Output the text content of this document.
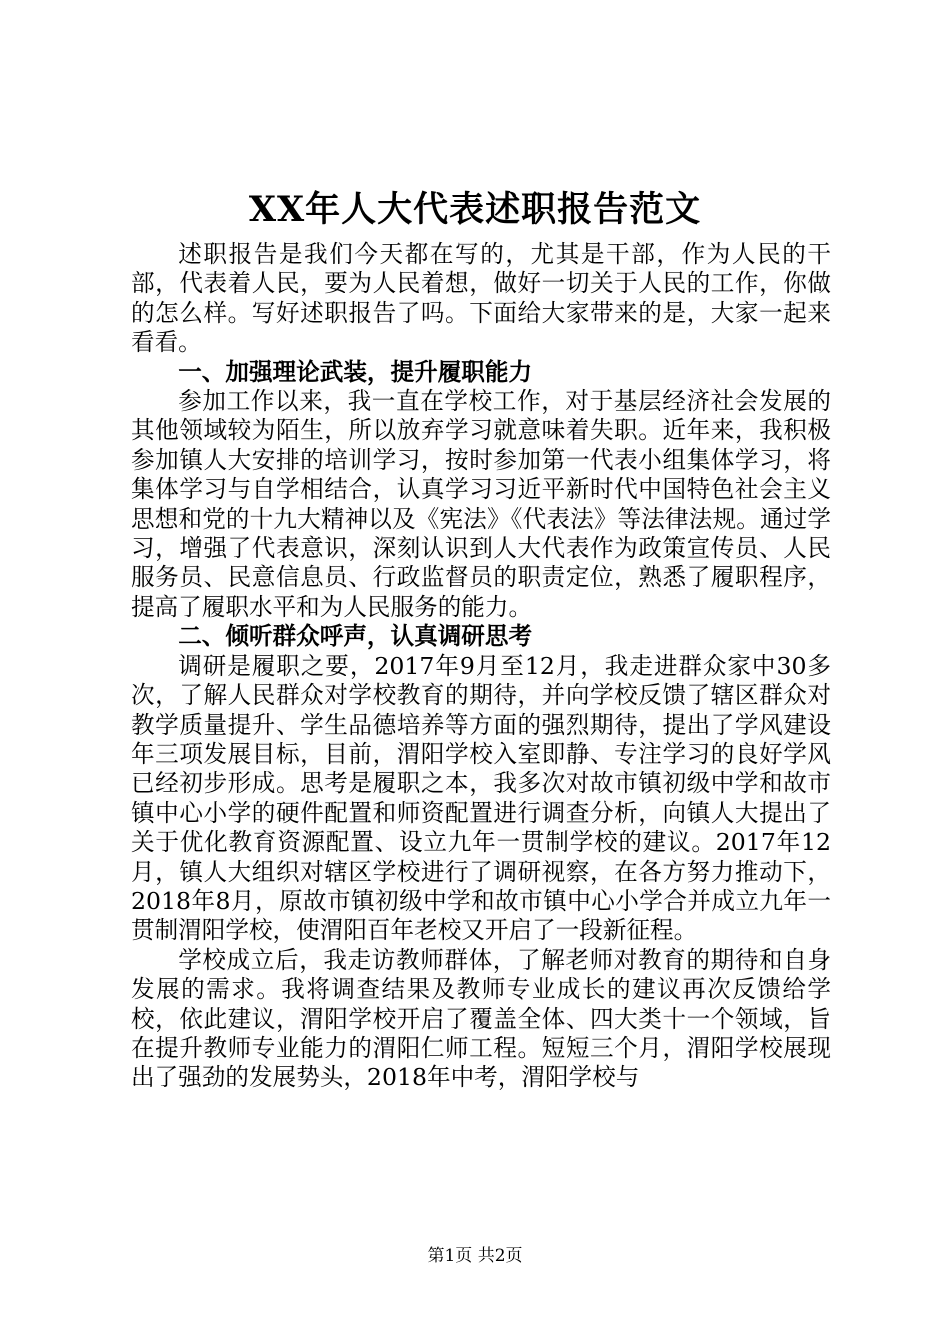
XX年人大代表述职报告范文

述职报告是我们今天都在写的，尤其是干部，作为人民的干部，代表着人民，要为人民着想，做好一切关于人民的工作，你做的怎么样。写好述职报告了吗。下面给大家带来的是，大家一起来看看。

一、加强理论武装，提升履职能力

参加工作以来，我一直在学校工作，对于基层经济社会发展的其他领域较为陌生，所以放弃学习就意味着失职。近年来，我积极参加镇人大安排的培训学习，按时参加第一代表小组集体学习，将集体学习与自学相结合，认真学习习近平新时代中国特色社会主义思想和党的十九大精神以及《宪法》《代表法》等法律法规。通过学习，增强了代表意识，深刻认识到人大代表作为政策宣传员、人民服务员、民意信息员、行政监督员的职责定位，熟悉了履职程序，提高了履职水平和为人民服务的能力。

二、倾听群众呼声，认真调研思考

调研是履职之要，2017年9月至12月，我走进群众家中30多次，了解人民群众对学校教育的期待，并向学校反馈了辖区群众对教学质量提升、学生品德培养等方面的强烈期待，提出了学风建设年三项发展目标，目前，渭阳学校入室即静、专注学习的良好学风已经初步形成。思考是履职之本，我多次对故市镇初级中学和故市镇中心小学的硬件配置和师资配置进行调查分析，向镇人大提出了关于优化教育资源配置、设立九年一贯制学校的建议。2017年12月，镇人大组织对辖区学校进行了调研视察，在各方努力推动下，2018年8月，原故市镇初级中学和故市镇中心小学合并成立九年一贯制渭阳学校，使渭阳百年老校又开启了一段新征程。

学校成立后，我走访教师群体，了解老师对教育的期待和自身发展的需求。我将调查结果及教师专业成长的建议再次反馈给学校，依此建议，渭阳学校开启了覆盖全体、四大类十一个领域，旨在提升教师专业能力的渭阳仁师工程。短短三个月，渭阳学校展现出了强劲的发展势头，2018年中考，渭阳学校与

第1页 共2页
